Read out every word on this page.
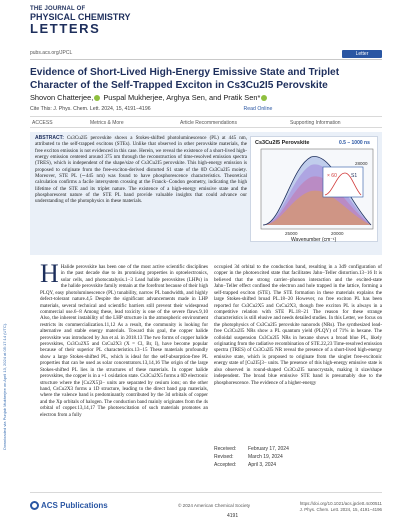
THE JOURNAL OF
PHYSICAL CHEMISTRY
LETTERS
pubs.acs.org/JPCL	Letter
Evidence of Short-Lived High-Energy Emissive State and Triplet Character of the Self-Trapped Exciton in Cs3Cu2I5 Perovskite
Shovon Chatterjee, Puspal Mukherjee, Arghya Sen, and Pratik Sen*
Cite This: J. Phys. Chem. Lett. 2024, 15, 4191−4196	Read Online
ACCESS	Metrics & More	Article Recommendations	Supporting Information
ABSTRACT: Cs3Cu2I5 perovskite shows a Stokes-shifted photoluminescence (PL) at 445 nm, attributed to the self-trapped excitons (STEs). Unlike that observed in other perovskite materials, the free exciton emission is not evidenced in this case. Herein, we reveal the existence of a short-lived high-energy emission centered around 375 nm through the reconstruction of time-resolved emission spectra (TRES), which is independent of the shape/size of Cs3Cu2I5 perovskite. This high-energy emission is proposed to originate from the free-exciton-derived distorted S1 state of the 0D Cs3Cu2I5 moiety. Moreover, STE PL (∼445 nm) was found to have phosphorescence characteristics. Theoretical calculation confirms a facile intersystem crossing at the Franck−Condon geometry, indicating the high lifetime of the STE and its triplet nature. The existence of a high-energy emissive state and the phosphorescent nature of the STE PL band provide valuable insights that could advance our understanding of the photophysics in these materials.
Cs3Cu2I5 Perovskite	0.5 – 1000 ns
× 60	S1
25000	20000
28000
Wavenumber (cm⁻¹)
Downloaded via Punjab Mukherjee on April 13, 2024 at 05:17:14 (UTC).
H Halide perovskite has been one of the most active scientific disciplines in the past decade due to its promising properties in optoelectronics, solar cells, and photocatalysis.1−3 Lead halide perovskites (LHPs) in the halide perovskite family remain at the forefront because of their high PLQY, easy photoluminescence (PL) tunability, narrow PL bandwidth, and highly defect-tolerant nature.4,5 Despite the significant advancements made in LHP materials, several technical and scientific barriers still prevent their widespread commercial use.6−8 Among these, lead toxicity is one of the severe flaws.9,10 Also, the inherent instability of the LHP structure in the atmospheric environment restricts its commercialization.11,12 As a result, the community is looking for alternative and stable energy materials. Toward this goal, the copper halide perovskite was introduced by Jun et al. in 2018.13 The two forms of copper halide perovskites, Cs3Cu2X5 and CsCu2X3 (X = Cl, Br, I), have become popular because of their superior PL characteristics.13−15 These materials profoundly show a large Stokes-shifted PL, which is ideal for the self-absorption-free PL properties that can be used as solar concentrators.13,14,16 The origin of the large Stokes-shifted PL lies in the structures of these materials. In copper halide perovskites, the copper is in a +1 oxidation state. Cs3Cu2X5 forms a 0D electronic structure where the [Cu2X5]3− units are separated by cesium ions; on the other hand, CsCu2X3 forms a 1D structure, leading to the direct band gap materials, where the valence band is predominantly contributed by the 3d orbitals of copper and the Xp orbitals of halogen. The conduction band mainly originates from the 4s orbital of copper.13,14,17 The photoexcitation of such materials promotes an electron from a fully
occupied 3d orbital to the conduction band, resulting in a 3d9 configuration of copper in the photoexcited state that facilitates Jahn−Teller distortion.13−16 It is believed that the strong carrier−phonon interaction and the excited-state Jahn−Teller effect confined the electron and hole trapped in the lattice, forming a self-trapped exciton (STE). The STE formation in these materials explains the large Stokes-shifted broad PL.18−20 However, no free exciton PL has been reported for Cs3Cu2X5 and CsCu2X3, though free exciton PL is always in a competitive relation with STE PL.18−21 The reason for these strange characteristics is still elusive and needs detailed studies. In this Letter, we focus on the photophysics of Cs3Cu2I5 perovskite nanorods (NRs). The synthesized lead-free Cs3Cu2I5 NRs show a PL quantum yield (PLQY) of 71% in hexane. The colloidal suspension Cs3Cu2I5 NRs in hexane shows a broad blue PL, likely originating from the radiative recombination of STE.22,23 Time-resolved emission spectra (TRES) of Cs3Cu2I5 NR reveal the presence of a short-lived high-energy emissive state, which is proposed to originate from the singlet free-excitonic energy state of [Cu2I5]3− units. The presence of this high-energy emissive state is also observed in round-shaped Cs3Cu2I5 nanocrystals, making it size/shape independent. The broad blue emissive STE band is presumably due to the phosphorescence. The evidence of a higher-energy
Received: February 17, 2024
Revised:	March 19, 2024
Accepted: April 3, 2024
ACS Publications	© 2024 American Chemical Society
4191
https://doi.org/10.1021/acs.jpclett.4c00511
J. Phys. Chem. Lett. 2024, 15, 4191−4196
